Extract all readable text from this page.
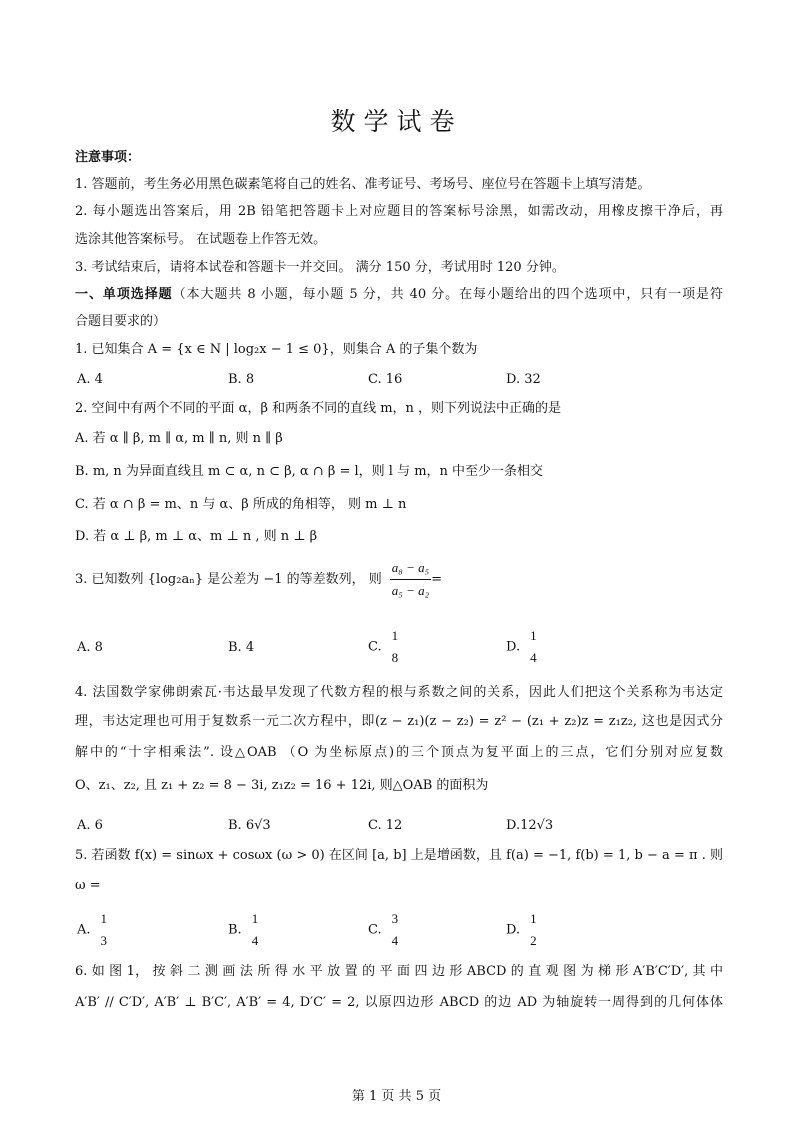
数学试卷
注意事项：
1. 答题前，考生务必用黑色碳素笔将自己的姓名、准考证号、考场号、座位号在答题卡上填写清楚。
2. 每小题选出答案后，用 2B 铅笔把答题卡上对应题目的答案标号涂黑，如需改动，用橡皮擦干净后，再
选涂其他答案标号。 在试题卷上作答无效。
3. 考试结束后，请将本试卷和答题卡一并交回。 满分 150 分，考试用时 120 分钟。
一、单项选择题（本大题共 8 小题，每小题 5 分，共 40 分。在每小题给出的四个选项中，只有一项是符
合题目要求的）
1. 已知集合 A = {x ∈ N | log₂x − 1 ≤ 0}，则集合 A 的子集个数为
A. 4	B. 8	C. 16	D. 32
2. 空间中有两个不同的平面 α，β 和两条不同的直线 m，n ，则下列说法中正确的是
A. 若 α ∥ β, m ∥ α, m ∥ n, 则 n ∥ β
B. m, n 为异面直线且 m ⊂ α, n ⊂ β, α ∩ β = l，则 l 与 m，n 中至少一条相交
C. 若 α ∩ β = m、n 与 α、β 所成的角相等， 则 m ⊥ n
D. 若 α ⊥ β, m ⊥ α、m ⊥ n , 则 n ⊥ β
3. 已知数列 {log₂aₙ} 是公差为 −1 的等差数列， 则 $\frac{\text{a₈ − a₅}}{\text{a₅ − a₂}}$ =
A. 8	B. 4	C.
1
8
D.
1
4
4. 法国数学家佛朗索瓦·韦达最早发现了代数方程的根与系数之间的关系，因此人们把这个关系称为韦达定
理，韦达定理也可用于复数系一元二次方程中，即(z − z₁)(z − z₂) = z² − (z₁ + z₂)z = z₁z₂, 这也是因式分
解中的“十字相乘法”. 设△OAB （O 为坐标原点)的三个顶点为复平面上的三点，它们分别对应复数
O、z₁、z₂, 且 z₁ + z₂ = 8 − 3i, z₁z₂ = 16 + 12i, 则△OAB 的面积为
A. 6	B. 6√3	C. 12	D.12√3
5. 若函数 f(x) = sinωx + cosωx (ω > 0) 在区间 [a, b] 上是增函数，且 f(a) = −1, f(b) = 1, b − a = π . 则
ω =
A.
1
3
B.
1
4
C.
3
4
D.
1
2
6. 如 图 1， 按 斜 二 测 画 法 所 得 水 平 放 置 的 平 面 四 边 形 ABCD 的 直 观 图 为 梯 形 A′B′C′D′, 其 中
A′B′ // C′D′, A′B′ ⊥ B′C′, A′B′ = 4, D′C′ = 2, 以原四边形 ABCD 的边 AD 为轴旋转一周得到的几何体体
第 1 页 共 5 页
